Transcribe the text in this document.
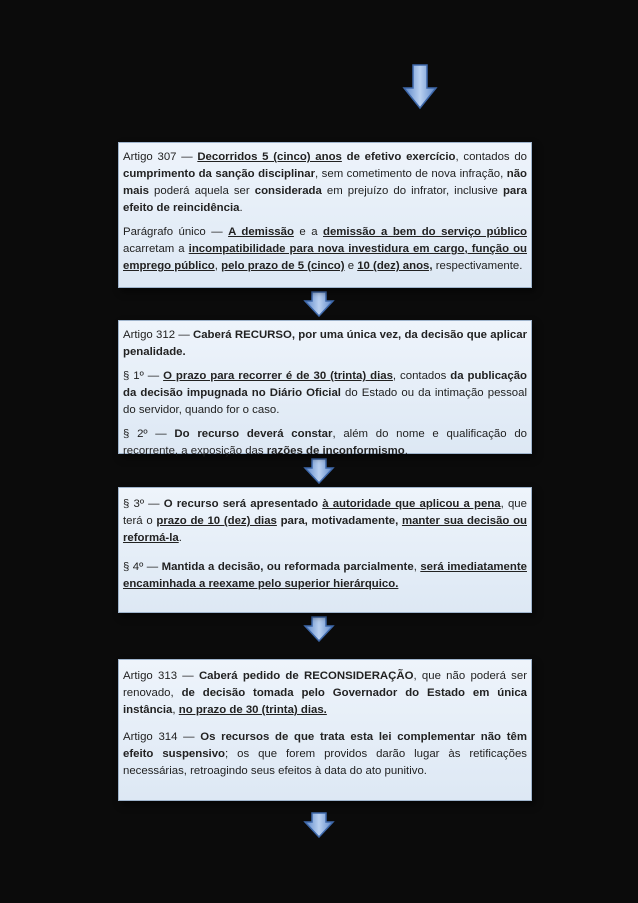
Artigo 307 — Decorridos 5 (cinco) anos de efetivo exercício, contados do cumprimento da sanção disciplinar, sem cometimento de nova infração, não mais poderá aquela ser considerada em prejuízo do infrator, inclusive para efeito de reincidência.

Parágrafo único — A demissão e a demissão a bem do serviço público acarretam a incompatibilidade para nova investidura em cargo, função ou emprego público, pelo prazo de 5 (cinco) e 10 (dez) anos, respectivamente.

Artigo 312 — Caberá RECURSO, por uma única vez, da decisão que aplicar penalidade.

§ 1º — O prazo para recorrer é de 30 (trinta) dias, contados da publicação da decisão impugnada no Diário Oficial do Estado ou da intimação pessoal do servidor, quando for o caso.

§ 2º — Do recurso deverá constar, além do nome e qualificação do recorrente, a exposição das razões de inconformismo.

§ 3º — O recurso será apresentado à autoridade que aplicou a pena, que terá o prazo de 10 (dez) dias para, motivadamente, manter sua decisão ou reformá-la.

§ 4º — Mantida a decisão, ou reformada parcialmente, será imediatamente encaminhada a reexame pelo superior hierárquico.

Artigo 313 — Caberá pedido de RECONSIDERAÇÃO, que não poderá ser renovado, de decisão tomada pelo Governador do Estado em única instância, no prazo de 30 (trinta) dias.

Artigo 314 — Os recursos de que trata esta lei complementar não têm efeito suspensivo; os que forem providos darão lugar às retificações necessárias, retroagindo seus efeitos à data do ato punitivo.
